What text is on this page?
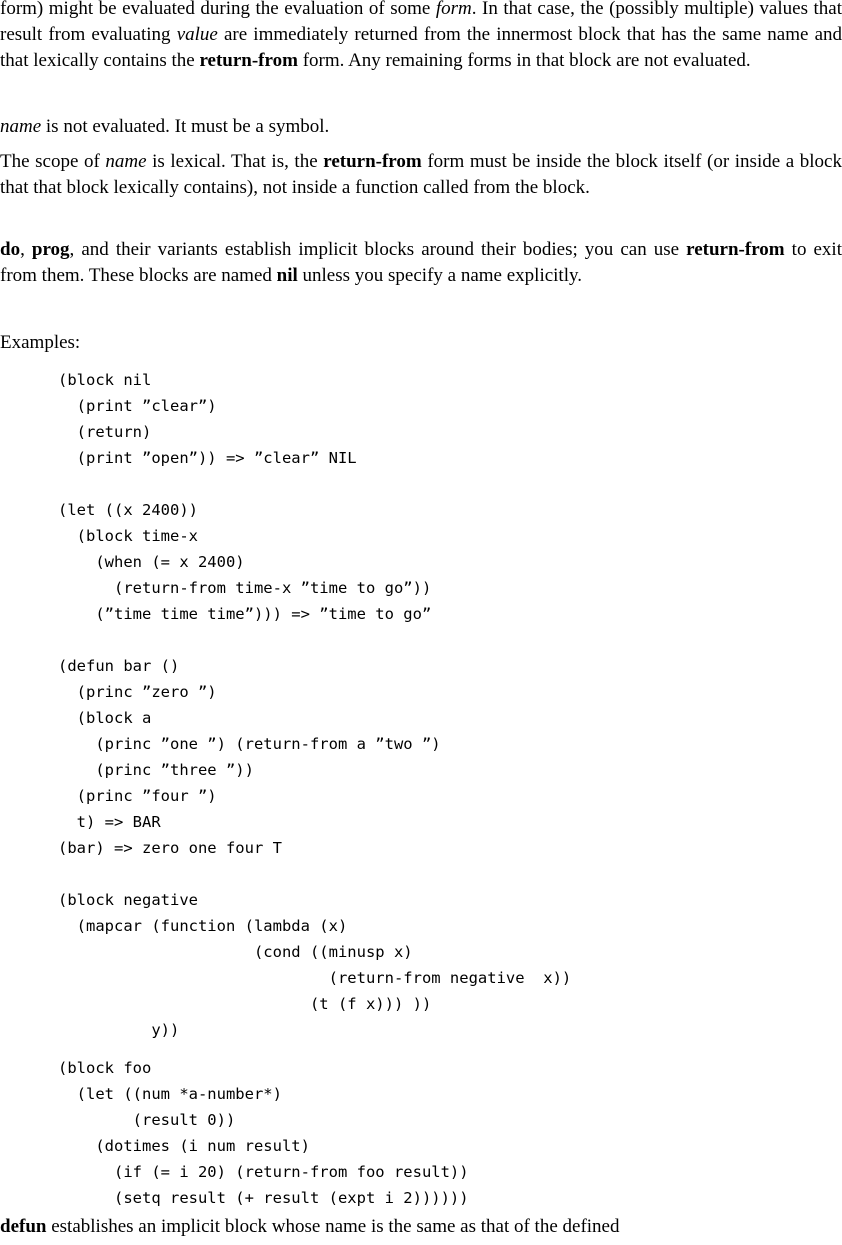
form) might be evaluated during the evaluation of some form. In that case, the (possibly multiple) values that result from evaluating value are immediately returned from the innermost block that has the same name and that lexically contains the return-from form. Any remaining forms in that block are not evaluated.

name is not evaluated. It must be a symbol.

The scope of name is lexical. That is, the return-from form must be inside the block itself (or inside a block that that block lexically contains), not inside a function called from the block.

do, prog, and their variants establish implicit blocks around their bodies; you can use return-from to exit from them. These blocks are named nil unless you specify a name explicitly.

Examples:

(block nil
(print ”clear”)
(return)
(print ”open”)) => ”clear” NIL

(let ((x 2400))
(block time-x
(when (= x 2400)
(return-from time-x ”time to go”))
(”time time time”))) => ”time to go”

(defun bar ()
(princ ”zero ”)
(block a
(princ ”one ”) (return-from a ”two ”)
(princ ”three ”))
(princ ”four ”)
t) => BAR
(bar) => zero one four T

(block negative
(mapcar (function (lambda (x)
(cond ((minusp x)
(return-from negative  x))
(t (f x))) ))
y))
(block foo
(let ((num *a-number*)
(result 0))
(dotimes (i num result)
(if (= i 20) (return-from foo result))
(setq result (+ result (expt i 2))))))

defun establishes an implicit block whose name is the same as that of the defined
